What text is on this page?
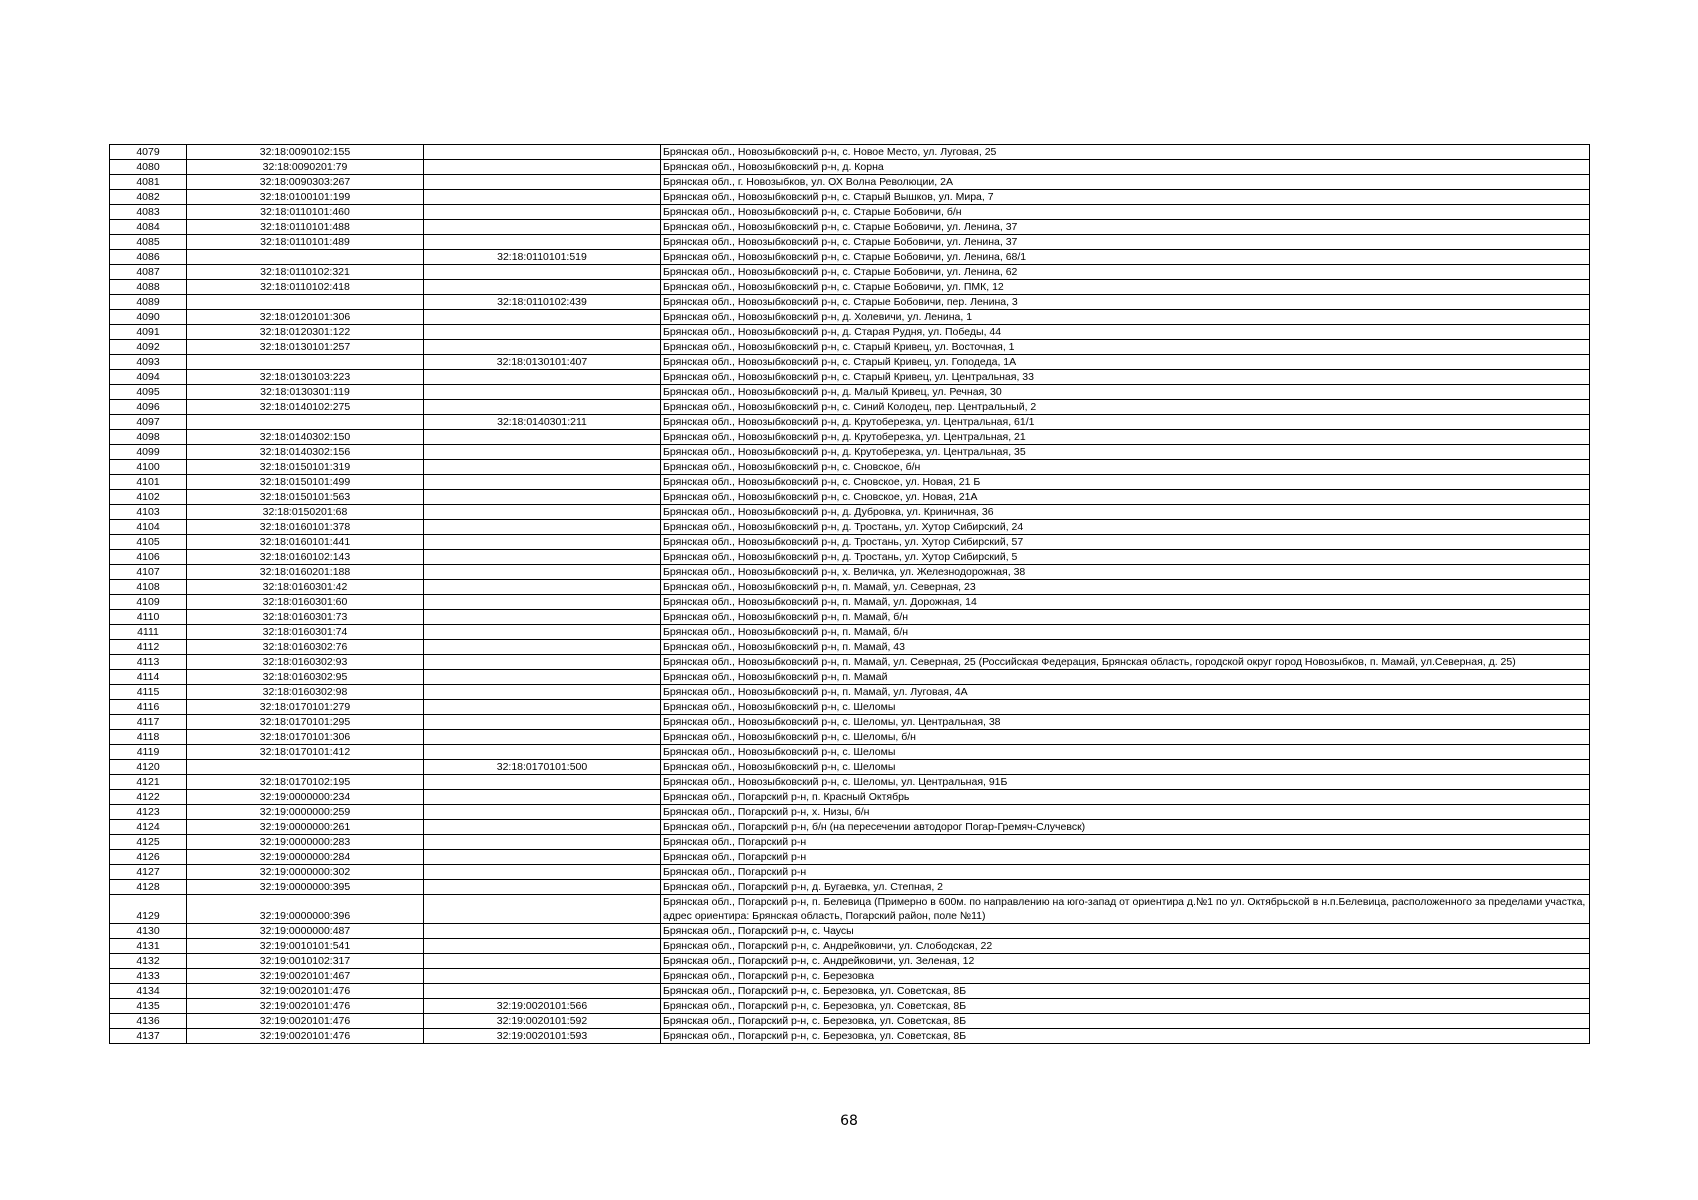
4079	32:18:0090102:155		Брянская обл., Новозыбковский р-н, с. Новое Место, ул. Луговая, 25
4080	32:18:0090201:79		Брянская обл., Новозыбковский р-н, д. Корна
4081	32:18:0090303:267		Брянская обл., г. Новозыбков, ул. ОХ Волна Революции, 2А
4082	32:18:0100101:199		Брянская обл., Новозыбковский р-н, с. Старый Вышков, ул. Мира, 7
4083	32:18:0110101:460		Брянская обл., Новозыбковский р-н, с. Старые Бобовичи, б/н
4084	32:18:0110101:488		Брянская обл., Новозыбковский р-н, с. Старые Бобовичи, ул. Ленина, 37
4085	32:18:0110101:489		Брянская обл., Новозыбковский р-н, с. Старые Бобовичи, ул. Ленина, 37
4086		32:18:0110101:519	Брянская обл., Новозыбковский р-н, с. Старые Бобовичи, ул. Ленина, 68/1
4087	32:18:0110102:321		Брянская обл., Новозыбковский р-н, с. Старые Бобовичи, ул. Ленина, 62
4088	32:18:0110102:418		Брянская обл., Новозыбковский р-н, с. Старые Бобовичи, ул. ПМК, 12
4089		32:18:0110102:439	Брянская обл., Новозыбковский р-н, с. Старые Бобовичи, пер. Ленина, 3
4090	32:18:0120101:306		Брянская обл., Новозыбковский р-н, д. Холевичи, ул. Ленина, 1
4091	32:18:0120301:122		Брянская обл., Новозыбковский р-н, д. Старая Рудня, ул. Победы, 44
4092	32:18:0130101:257		Брянская обл., Новозыбковский р-н, с. Старый Кривец, ул. Восточная, 1
4093		32:18:0130101:407	Брянская обл., Новозыбковский р-н, с. Старый Кривец, ул. Гоподеда, 1А
4094	32:18:0130103:223		Брянская обл., Новозыбковский р-н, с. Старый Кривец, ул. Центральная, 33
4095	32:18:0130301:119		Брянская обл., Новозыбковский р-н, д. Малый Кривец, ул. Речная, 30
4096	32:18:0140102:275		Брянская обл., Новозыбковский р-н, с. Синий Колодец, пер. Центральный, 2
4097		32:18:0140301:211	Брянская обл., Новозыбковский р-н, д. Крутоберезка, ул. Центральная, 61/1
4098	32:18:0140302:150		Брянская обл., Новозыбковский р-н, д. Крутоберезка, ул. Центральная, 21
4099	32:18:0140302:156		Брянская обл., Новозыбковский р-н, д. Крутоберезка, ул. Центральная, 35
4100	32:18:0150101:319		Брянская обл., Новозыбковский р-н, с. Сновское, б/н
4101	32:18:0150101:499		Брянская обл., Новозыбковский р-н, с. Сновское, ул. Новая, 21 Б
4102	32:18:0150101:563		Брянская обл., Новозыбковский р-н, с. Сновское, ул. Новая, 21А
4103	32:18:0150201:68		Брянская обл., Новозыбковский р-н, д. Дубровка, ул. Криничная, 36
4104	32:18:0160101:378		Брянская обл., Новозыбковский р-н, д. Тростань, ул. Хутор Сибирский, 24
4105	32:18:0160101:441		Брянская обл., Новозыбковский р-н, д. Тростань, ул. Хутор Сибирский, 57
4106	32:18:0160102:143		Брянская обл., Новозыбковский р-н, д. Тростань, ул. Хутор Сибирский, 5
4107	32:18:0160201:188		Брянская обл., Новозыбковский р-н, х. Величка, ул. Железнодорожная, 38
4108	32:18:0160301:42		Брянская обл., Новозыбковский р-н, п. Мамай, ул. Северная, 23
4109	32:18:0160301:60		Брянская обл., Новозыбковский р-н, п. Мамай, ул. Дорожная, 14
4110	32:18:0160301:73		Брянская обл., Новозыбковский р-н, п. Мамай, б/н
4111	32:18:0160301:74		Брянская обл., Новозыбковский р-н, п. Мамай, б/н
4112	32:18:0160302:76		Брянская обл., Новозыбковский р-н, п. Мамай, 43
4113	32:18:0160302:93		Брянская обл., Новозыбковский р-н, п. Мамай, ул. Северная, 25 (Российская Федерация, Брянская область, городской округ город Новозыбков, п. Мамай, ул.Северная, д. 25)
4114	32:18:0160302:95		Брянская обл., Новозыбковский р-н, п. Мамай
4115	32:18:0160302:98		Брянская обл., Новозыбковский р-н, п. Мамай, ул. Луговая, 4А
4116	32:18:0170101:279		Брянская обл., Новозыбковский р-н, с. Шеломы
4117	32:18:0170101:295		Брянская обл., Новозыбковский р-н, с. Шеломы, ул. Центральная, 38
4118	32:18:0170101:306		Брянская обл., Новозыбковский р-н, с. Шеломы, б/н
4119	32:18:0170101:412		Брянская обл., Новозыбковский р-н, с. Шеломы
4120		32:18:0170101:500	Брянская обл., Новозыбковский р-н, с. Шеломы
4121	32:18:0170102:195		Брянская обл., Новозыбковский р-н, с. Шеломы, ул. Центральная, 91Б
4122	32:19:0000000:234		Брянская обл., Погарский р-н, п. Красный Октябрь
4123	32:19:0000000:259		Брянская обл., Погарский р-н, х. Низы, б/н
4124	32:19:0000000:261		Брянская обл., Погарский р-н, б/н (на пересечении автодорог Погар-Гремяч-Случевск)
4125	32:19:0000000:283		Брянская обл., Погарский р-н
4126	32:19:0000000:284		Брянская обл., Погарский р-н
4127	32:19:0000000:302		Брянская обл., Погарский р-н
4128	32:19:0000000:395		Брянская обл., Погарский р-н, д. Бугаевка, ул. Степная, 2
4129	32:19:0000000:396		Брянская обл., Погарский р-н, п. Белевица (Примерно в 600м. по направлению на юго-запад от ориентира д.№1 по ул. Октябрьской в н.п.Белевица, расположенного за пределами участка, адрес ориентира: Брянская область, Погарский район, поле №11)
4130	32:19:0000000:487		Брянская обл., Погарский р-н, с. Чаусы
4131	32:19:0010101:541		Брянская обл., Погарский р-н, с. Андрейковичи, ул. Слободская, 22
4132	32:19:0010102:317		Брянская обл., Погарский р-н, с. Андрейковичи, ул. Зеленая, 12
4133	32:19:0020101:467		Брянская обл., Погарский р-н, с. Березовка
4134	32:19:0020101:476		Брянская обл., Погарский р-н, с. Березовка, ул. Советская, 8Б
4135	32:19:0020101:476	32:19:0020101:566	Брянская обл., Погарский р-н, с. Березовка, ул. Советская, 8Б
4136	32:19:0020101:476	32:19:0020101:592	Брянская обл., Погарский р-н, с. Березовка, ул. Советская, 8Б
4137	32:19:0020101:476	32:19:0020101:593	Брянская обл., Погарский р-н, с. Березовка, ул. Советская, 8Б
68
